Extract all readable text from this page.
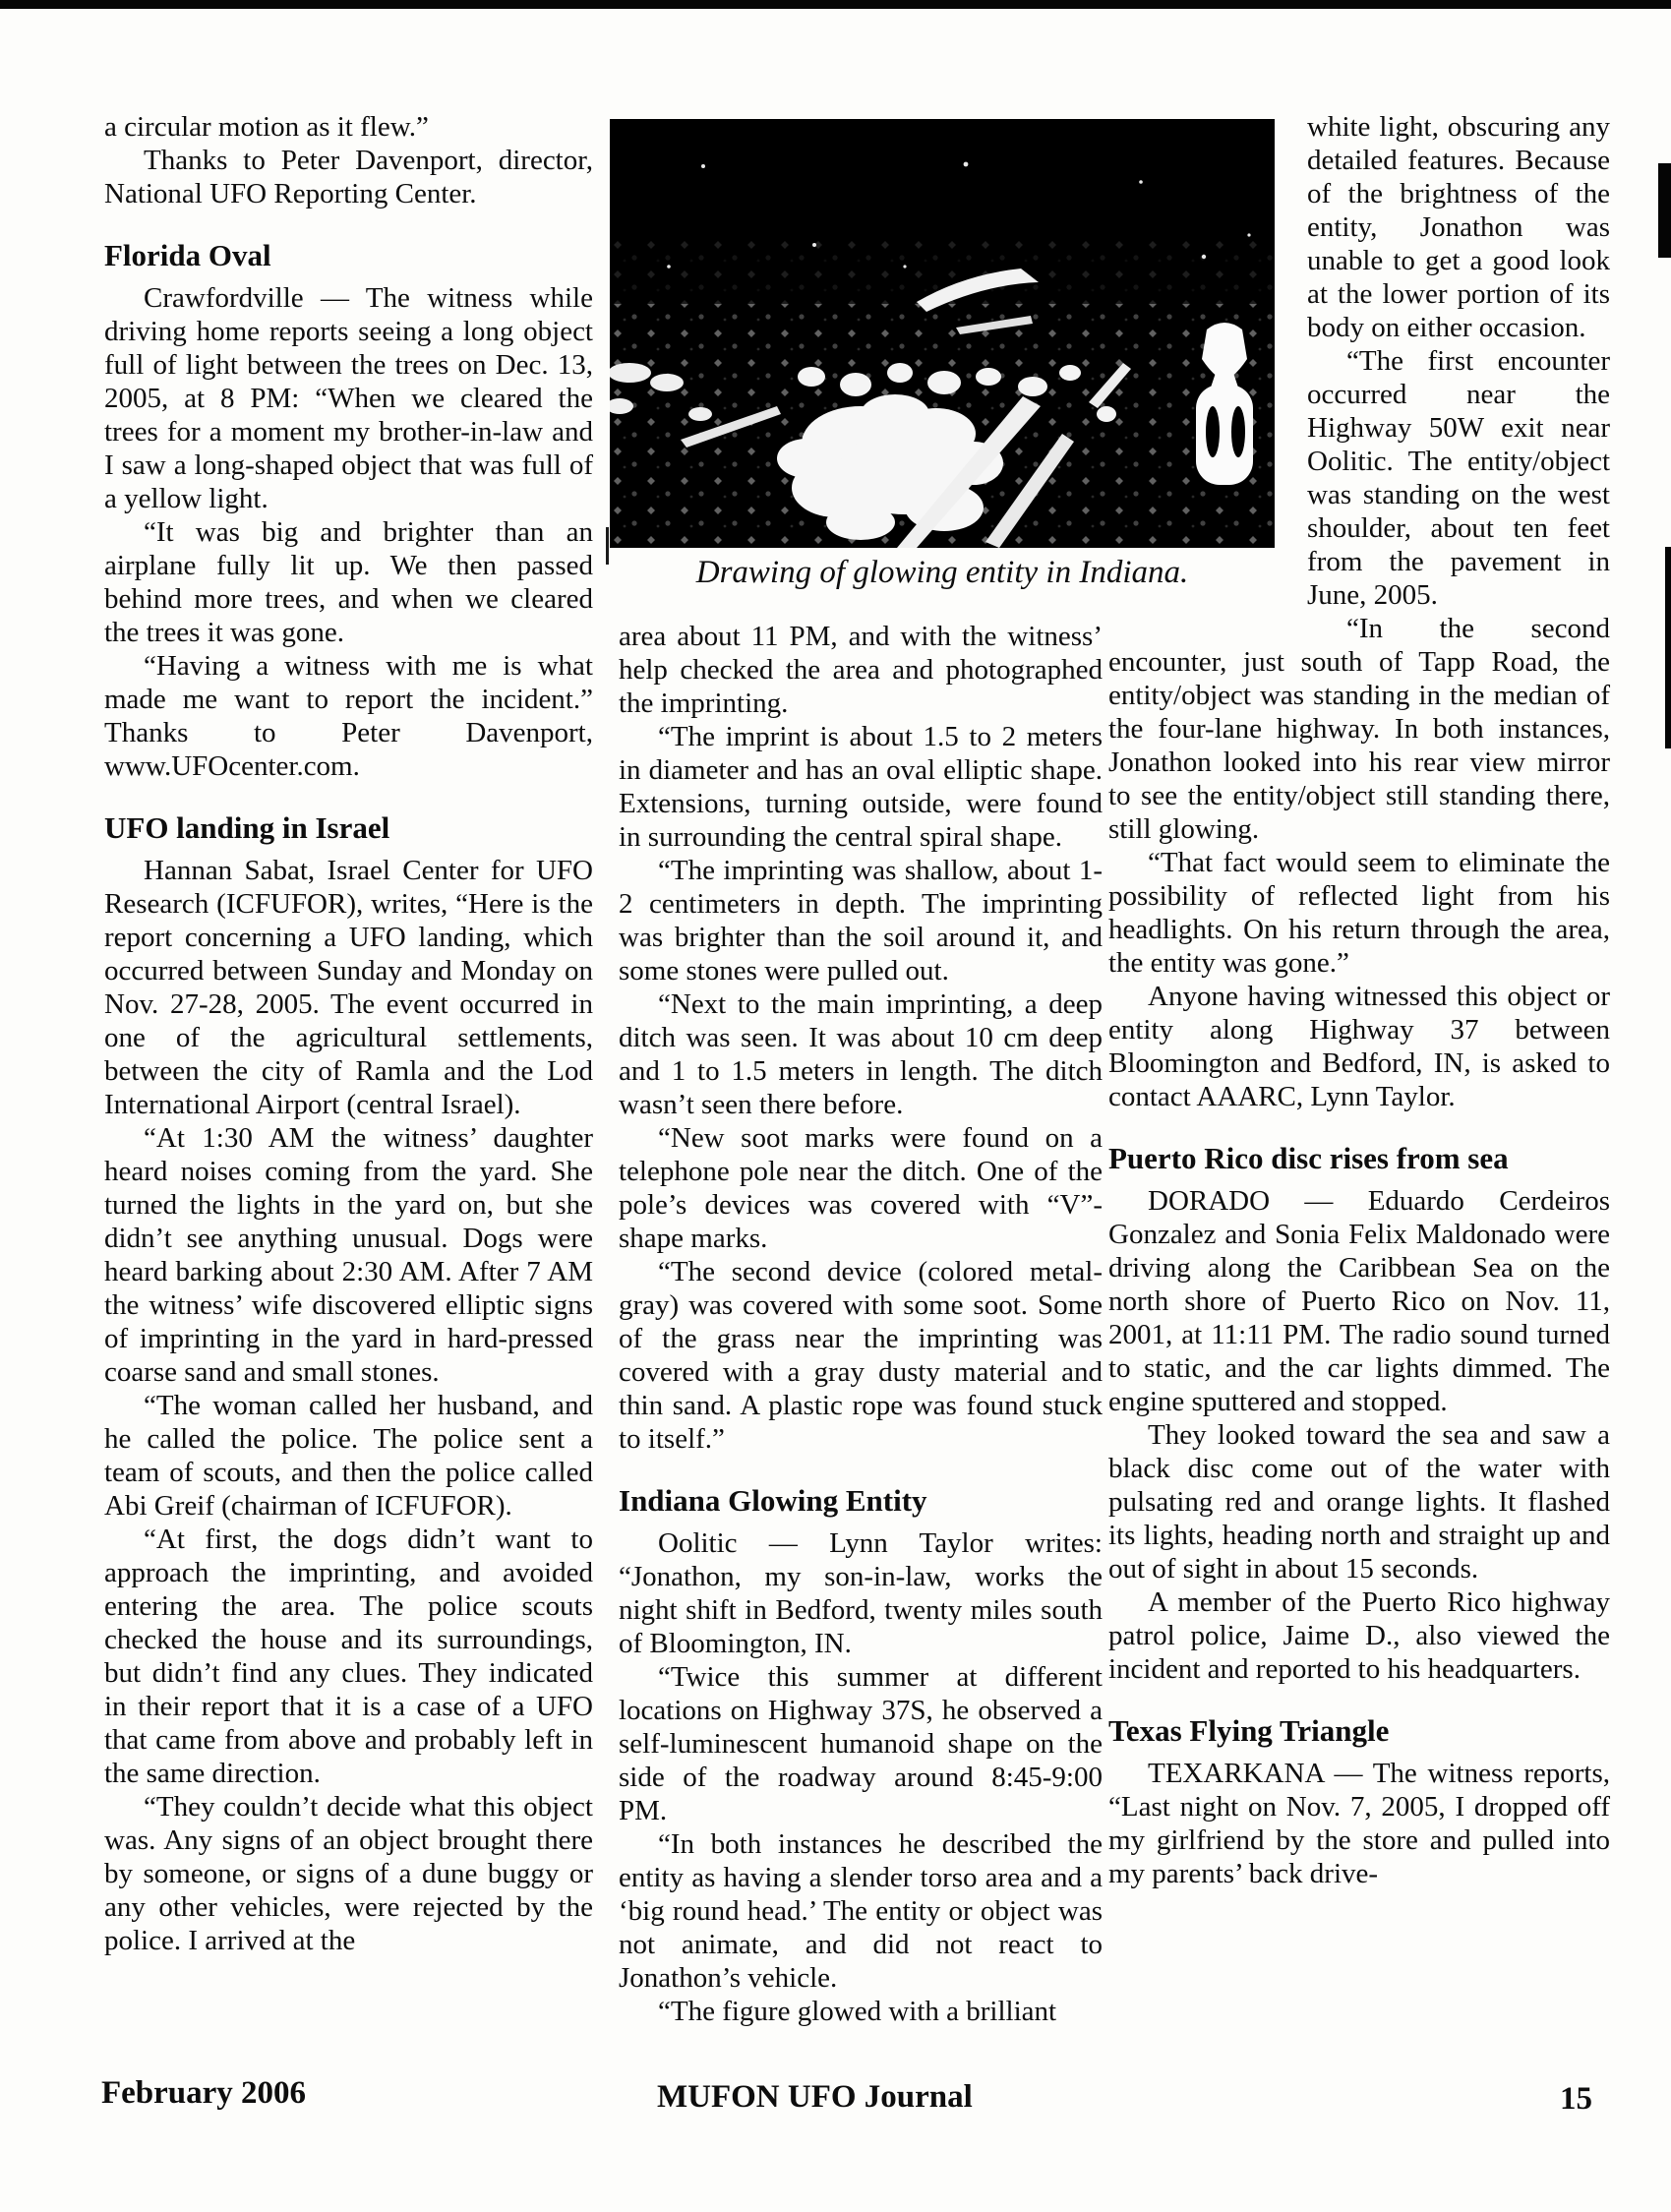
Drawing of glowing entity in Indiana.

a circular motion as it flew.”

Thanks to Peter Davenport, director, National UFO Reporting Center.

Florida Oval

Crawfordville — The witness while driving home reports seeing a long object full of light between the trees on Dec. 13, 2005, at 8 PM: “When we cleared the trees for a moment my brother-in-law and I saw a long-shaped object that was full of a yellow light.

“It was big and brighter than an airplane fully lit up. We then passed behind more trees, and when we cleared the trees it was gone.

“Having a witness with me is what made me want to report the incident.” Thanks to Peter Davenport, www.UFOcenter.com.

UFO landing in Israel

Hannan Sabat, Israel Center for UFO Research (ICFUFOR), writes, “Here is the report concerning a UFO landing, which occurred between Sunday and Monday on Nov. 27-28, 2005. The event occurred in one of the agricultural settlements, between the city of Ramla and the Lod International Airport (central Israel).

“At 1:30 AM the witness’ daughter heard noises coming from the yard. She turned the lights in the yard on, but she didn’t see anything unusual. Dogs were heard barking about 2:30 AM. After 7 AM the witness’ wife discovered elliptic signs of imprinting in the yard in hard-pressed coarse sand and small stones.

“The woman called her husband, and he called the police. The police sent a team of scouts, and then the police called Abi Greif (chairman of ICFUFOR).

“At first, the dogs didn’t want to approach the imprinting, and avoided entering the area. The police scouts checked the house and its surroundings, but didn’t find any clues. They indicated in their report that it is a case of a UFO that came from above and probably left in the same direction.

“They couldn’t decide what this object was. Any signs of an object brought there by someone, or signs of a dune buggy or any other vehicles, were rejected by the police. I arrived at the

area about 11 PM, and with the witness’ help checked the area and photographed the imprinting.

“The imprint is about 1.5 to 2 meters in diameter and has an oval elliptic shape. Extensions, turning outside, were found in surrounding the central spiral shape.

“The imprinting was shallow, about 1-2 centimeters in depth. The imprinting was brighter than the soil around it, and some stones were pulled out.

“Next to the main imprinting, a deep ditch was seen. It was about 10 cm deep and 1 to 1.5 meters in length. The ditch wasn’t seen there before.

“New soot marks were found on a telephone pole near the ditch. One of the pole’s devices was covered with “V”-shape marks.

“The second device (colored metal-gray) was covered with some soot. Some of the grass near the imprinting was covered with a gray dusty material and thin sand. A plastic rope was found stuck to itself.”

Indiana Glowing Entity

Oolitic — Lynn Taylor writes: “Jonathon, my son-in-law, works the night shift in Bedford, twenty miles south of Bloomington, IN.

“Twice this summer at different locations on Highway 37S, he observed a self-luminescent humanoid shape on the side of the roadway around 8:45-9:00 PM.

“In both instances he described the entity as having a slender torso area and a ‘big round head.’ The entity or object was not animate, and did not react to Jonathon’s vehicle.

“The figure glowed with a brilliant

white light, obscuring any detailed features. Because of the brightness of the entity, Jonathon was unable to get a good look at the lower portion of its body on either occasion.

“The first encounter occurred near the Highway 50W exit near Oolitic. The entity/object was standing on the west shoulder, about ten feet from the pavement in June, 2005.

“In the second encounter, just south of Tapp Road, the entity/object was standing in the median of the four-lane highway. In both instances, Jonathon looked into his rear view mirror to see the entity/object still standing there, still glowing.

“That fact would seem to eliminate the possibility of reflected light from his headlights. On his return through the area, the entity was gone.”

Anyone having witnessed this object or entity along Highway 37 between Bloomington and Bedford, IN, is asked to contact AAARC, Lynn Taylor.

Puerto Rico disc rises from sea

DORADO — Eduardo Cerdeiros Gonzalez and Sonia Felix Maldonado were driving along the Caribbean Sea on the north shore of Puerto Rico on Nov. 11, 2001, at 11:11 PM. The radio sound turned to static, and the car lights dimmed. The engine sputtered and stopped.

They looked toward the sea and saw a black disc come out of the water with pulsating red and orange lights. It flashed its lights, heading north and straight up and out of sight in about 15 seconds.

A member of the Puerto Rico highway patrol police, Jaime D., also viewed the incident and reported to his headquarters.

Texas Flying Triangle

TEXARKANA — The witness reports, “Last night on Nov. 7, 2005, I dropped off my girlfriend by the store and pulled into my parents’ back drive-

February 2006	MUFON UFO Journal	15
